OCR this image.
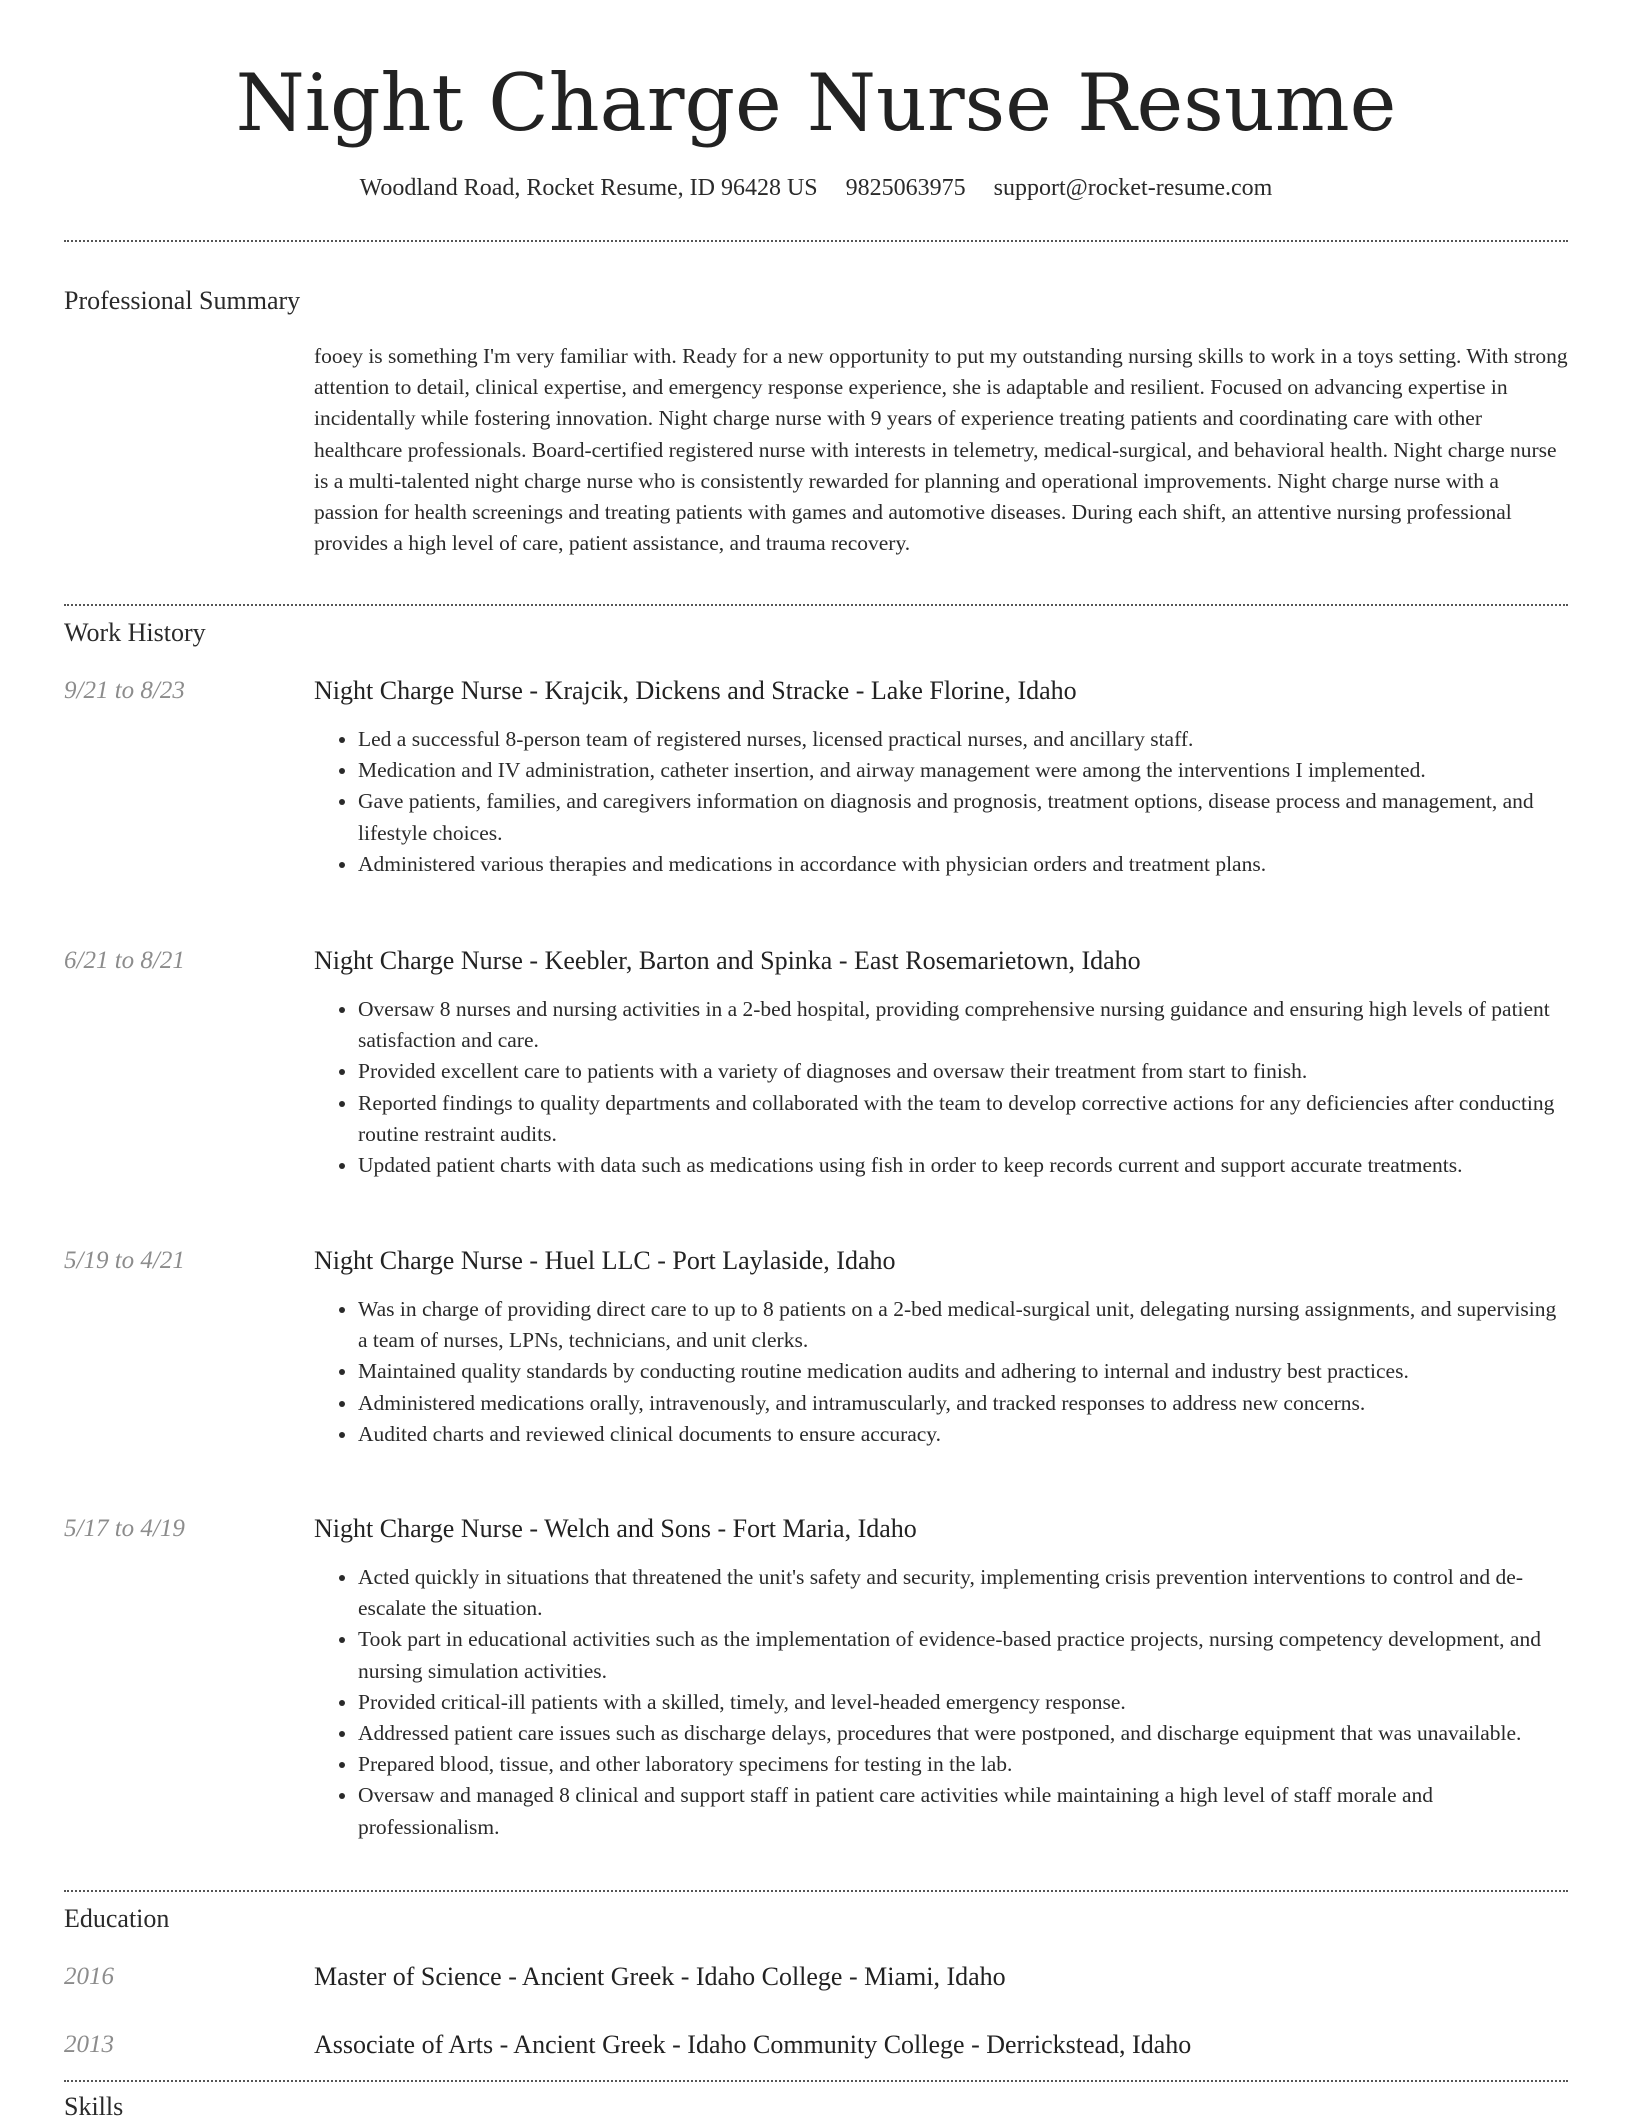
Night Charge Nurse Resume
Woodland Road, Rocket Resume, ID 96428 US 9825063975 support@rocket-resume.com
Professional Summary
fooey is something I'm very familiar with. Ready for a new opportunity to put my outstanding nursing skills to work in a toys setting. With strong attention to detail, clinical expertise, and emergency response experience, she is adaptable and resilient. Focused on advancing expertise in incidentally while fostering innovation. Night charge nurse with 9 years of experience treating patients and coordinating care with other healthcare professionals. Board-certified registered nurse with interests in telemetry, medical-surgical, and behavioral health. Night charge nurse is a multi-talented night charge nurse who is consistently rewarded for planning and operational improvements. Night charge nurse with a passion for health screenings and treating patients with games and automotive diseases. During each shift, an attentive nursing professional provides a high level of care, patient assistance, and trauma recovery.
Work History
9/21 to 8/23	Night Charge Nurse - Krajcik, Dickens and Stracke - Lake Florine, Idaho
• Led a successful 8-person team of registered nurses, licensed practical nurses, and ancillary staff.
• Medication and IV administration, catheter insertion, and airway management were among the interventions I implemented.
• Gave patients, families, and caregivers information on diagnosis and prognosis, treatment options, disease process and management, and lifestyle choices.
• Administered various therapies and medications in accordance with physician orders and treatment plans.
6/21 to 8/21	Night Charge Nurse - Keebler, Barton and Spinka - East Rosemarietown, Idaho
• Oversaw 8 nurses and nursing activities in a 2-bed hospital, providing comprehensive nursing guidance and ensuring high levels of patient satisfaction and care.
• Provided excellent care to patients with a variety of diagnoses and oversaw their treatment from start to finish.
• Reported findings to quality departments and collaborated with the team to develop corrective actions for any deficiencies after conducting routine restraint audits.
• Updated patient charts with data such as medications using fish in order to keep records current and support accurate treatments.
5/19 to 4/21	Night Charge Nurse - Huel LLC - Port Laylaside, Idaho
• Was in charge of providing direct care to up to 8 patients on a 2-bed medical-surgical unit, delegating nursing assignments, and supervising a team of nurses, LPNs, technicians, and unit clerks.
• Maintained quality standards by conducting routine medication audits and adhering to internal and industry best practices.
• Administered medications orally, intravenously, and intramuscularly, and tracked responses to address new concerns.
• Audited charts and reviewed clinical documents to ensure accuracy.
5/17 to 4/19	Night Charge Nurse - Welch and Sons - Fort Maria, Idaho
• Acted quickly in situations that threatened the unit's safety and security, implementing crisis prevention interventions to control and de-escalate the situation.
• Took part in educational activities such as the implementation of evidence-based practice projects, nursing competency development, and nursing simulation activities.
• Provided critical-ill patients with a skilled, timely, and level-headed emergency response.
• Addressed patient care issues such as discharge delays, procedures that were postponed, and discharge equipment that was unavailable.
• Prepared blood, tissue, and other laboratory specimens for testing in the lab.
• Oversaw and managed 8 clinical and support staff in patient care activities while maintaining a high level of staff morale and professionalism.
Education
2016	Master of Science - Ancient Greek - Idaho College - Miami, Idaho
2013	Associate of Arts - Ancient Greek - Idaho Community College - Derrickstead, Idaho
Skills
